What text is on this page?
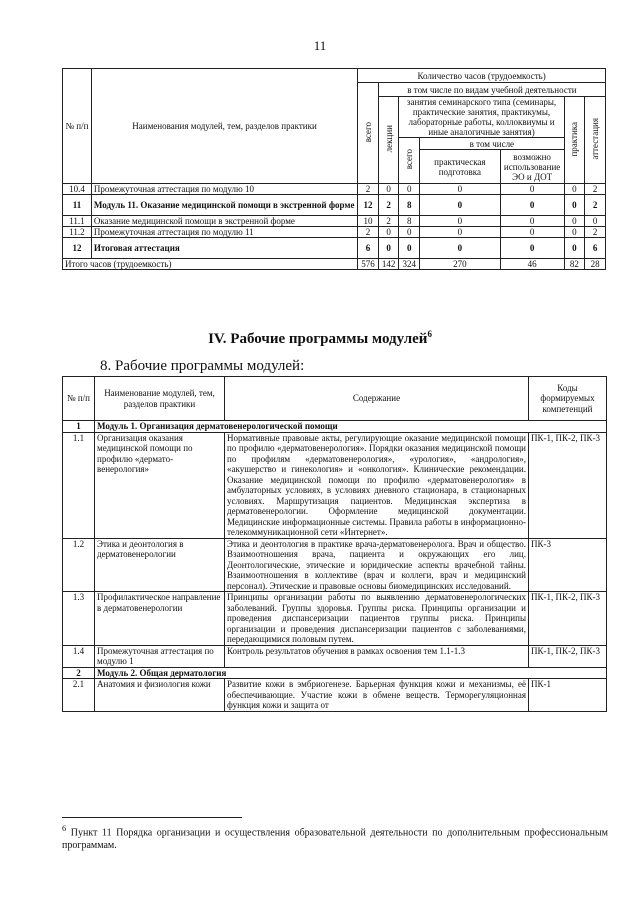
11
№ п/п	Наименования модулей, тем, разделов практики	Количество часов (трудоемкость)						
		всего	в том числе по видам учебной деятельности					
			лекции	занятия семинарского типа (семинары, практические занятия, практикумы, лабораторные работы, коллоквиумы и иные аналогичные занятия)			практика	аттестация
				всего	в том числе			
					практическая подготовка	возможно использование ЭО и ДОТ		
10.4	Промежуточная аттестация по модулю 10	2	0	0	0	0	0	2
11	Модуль 11. Оказание медицинской помощи в экстренной форме	12	2	8	0	0	0	2
11.1	Оказание медицинской помощи в экстренной форме	10	2	8	0	0	0	0
11.2	Промежуточная аттестация по модулю 11	2	0	0	0	0	0	2
12	Итоговая аттестация	6	0	0	0	0	0	6
Итого часов (трудоемкость)		576	142	324	270	46	82	28
IV. Рабочие программы модулей$^6$
8. Рабочие программы модулей:
№ п/п	Наименование модулей, тем, разделов практики	Содержание	Коды формируемых компетенций
1	Модуль 1. Организация дерматовенерологической помощи		
1.1	Организация оказания медицинской помощи по профилю «дермато-венерология»	Нормативные правовые акты, регулирующие оказание медицинской помощи по профилю «дерматовенерология». Порядки оказания медицинской помощи по профилям «дерматовенерология», «урология», «андрология», «акушерство и гинекология» и «онкология». Клинические рекомендации. Оказание медицинской помощи по профилю «дерматовенерология» в амбулаторных условиях, в условиях дневного стационара, в стационарных условиях. Маршрутизация пациентов. Медицинская экспертиза в дерматовенерологии. Оформление медицинской документации. Медицинские информационные системы. Правила работы в информационно-телекоммуникационной сети «Интернет».	ПК-1, ПК-2, ПК-3
1.2	Этика и деонтология в дерматовенерологии	Этика и деонтология в практике врача-дерматовенеролога. Врач и общество. Взаимоотношения врача, пациента и окружающих его лиц. Деонтологические, этические и юридические аспекты врачебной тайны. Взаимоотношения в коллективе (врач и коллеги, врач и медицинский персонал). Этические и правовые основы биомедицинских исследований.	ПК-3
1.3	Профилактическое направление в дерматовенерологии	Принципы организации работы по выявлению дерматовенерологических заболеваний. Группы здоровья. Группы риска. Принципы организации и проведения диспансеризации пациентов группы риска. Принципы организации и проведения диспансеризации пациентов с заболеваниями, передающимися половым путем.	ПК-1, ПК-2, ПК-3
1.4	Промежуточная аттестация по модулю 1	Контроль результатов обучения в рамках освоения тем 1.1-1.3	ПК-1, ПК-2, ПК-3
2	Модуль 2. Общая дерматология		
2.1	Анатомия и физиология кожи	Развитие кожи в эмбриогенезе. Барьерная функция кожи и механизмы, её обеспечивающие. Участие кожи в обмене веществ. Терморегуляционная функция кожи и защита от	ПК-1
$^6$ Пункт 11 Порядка организации и осуществления образовательной деятельности по дополнительным профессиональным программам.
